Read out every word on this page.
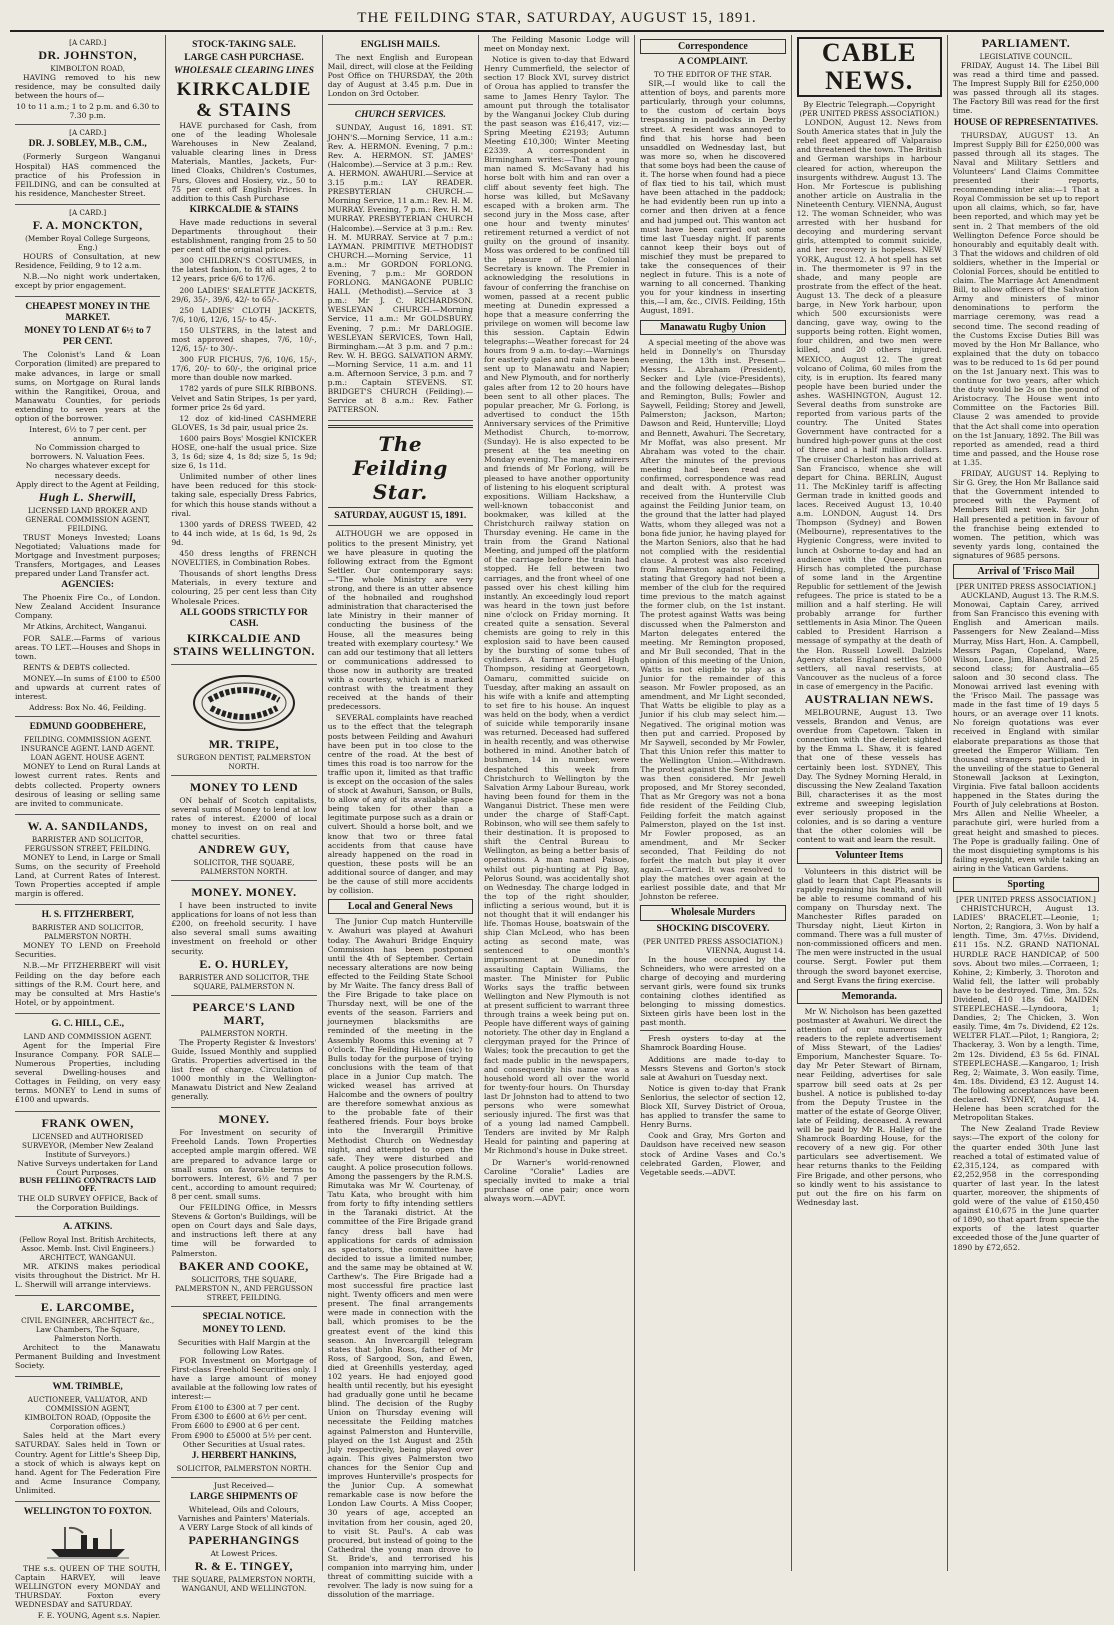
THE FEILDING STAR, SATURDAY, AUGUST 15, 1891.
[A CARD.]
DR. JOHNSTON,
KIMBOLTON ROAD,
HAVING removed to his new residence, may be consulted daily between the hours of—
10 to 11 a.m.; 1 to 2 p.m. and 6.30 to 7.30 p.m.
[A CARD.]
DR. J. SOBLEY, M.B., C.M.,
(Formerly Surgeon Wanganui Hospital) HAS commenced the practice of his Profession in FEILDING, and can be consulted at his residence, Manchester Street.
[A CARD.]
F. A. MONCKTON,
(Member Royal College Surgeons, Eng.)
HOURS of Consultation, at new Residence, Feilding, 9 to 12 a.m.
N.B.—No night work undertaken, except by prior engagement.
CHEAPEST MONEY IN THE MARKET.
MONEY TO LEND AT 6½ to 7 PER CENT.
The Colonist's Land & Loan Corporation (limited) are prepared to make advances, in large or small sums, on Mortgage on Rural lands within the Rangitikei, Oroua, and Manawatu Counties, for periods extending to seven years at the option of the borrower.
Interest, 6½ to 7 per cent. per annum.
No Commission charged to borrowers. N. Valuation Fees.
No charges whatever except for necessary deeds.
Apply direct to the Agent at Feilding,
Hugh L. Sherwill,
LICENSED LAND BROKER AND GENERAL COMMISSION AGENT, FEILDING.
TRUST Moneys Invested; Loans Negotiated; Valuations made for Mortgage and Investment purposes; Transfers, Mortgages, and Leases prepared under Land Transfer act.
AGENCIES:
The Phoenix Fire Co., of London. New Zealand Accident Insurance Company.
Mr Atkins, Architect, Wanganui.
FOR SALE.—Farms of various areas. TO LET.—Houses and Shops in town.
RENTS & DEBTS collected.
MONEY.—In sums of £100 to £500 and upwards at current rates of interest.
Address: Box No. 46, Feilding.
EDMUND GOODBEHERE,
FEILDING. COMMISSION AGENT. INSURANCE AGENT. LAND AGENT. LOAN AGENT. HOUSE AGENT.
MONEY to Lend on Rural Lands at lowest current rates. Rents and debts collected. Property owners desirous of leasing or selling same are invited to communicate.
W. A. SANDILANDS,
BARRISTER AND SOLICITOR, FERGUSSON STREET, FEILDING.
MONEY to Lend, in Large or Small Sums, on the security of Freehold Land, at Current Rates of Interest. Town Properties accepted if ample margin is offered.
H. S. FITZHERBERT,
BARRISTER AND SOLICITOR, PALMERSTON NORTH.
MONEY TO LEND on Freehold Securities.
N.B.—Mr FITZHERBERT will visit Feilding on the day before each sittings of the R.M. Court here, and may be consulted at Mrs Hastie's Hotel, or by appointment.
G. C. HILL, C.E.,
LAND AND COMMISSION AGENT.
Agent for the Imperial Fire Insurance Company. FOR SALE—Numerous Properties, including several Dwelling-houses and Cottages in Feilding, on very easy terms. MONEY to Lend in sums of £100 and upwards.
FRANK OWEN,
LICENSED and AUTHORISED SURVEYOR, (Member New Zealand Institute of Surveyors.)
Native Surveys undertaken for Land Court Purposes.
BUSH FELLING CONTRACTS LAID OFF.
THE OLD SURVEY OFFICE, Back of the Corporation Buildings.
A. ATKINS.
(Fellow Royal Inst. British Architects, Assoc. Memb. Inst. Civil Engineers.) ARCHITECT, WANGANUI.
MR. ATKINS makes periodical visits throughout the District. Mr H. L. Sherwill will arrange interviews.
E. LARCOMBE,
CIVIL ENGINEER, ARCHITECT &c., Law Chambers, The Square, Palmerston North.
Architect to the Manawatu Permanent Building and Investment Society.
WM. TRIMBLE,
AUCTIONEER, VALUATOR, AND COMMISSION AGENT,
KIMBOLTON ROAD, (Opposite the Corporation offices.)
Sales held at the Mart every SATURDAY. Sales held in Town or Country. Agent for Little's Sheep Dip, a stock of which is always kept on hand. Agent for The Federation Fire and Acme Insurance Company, Unlimited.
WELLINGTON TO FOXTON.
THE s.s. QUEEN OF THE SOUTH, Captain HARVEY, will leave WELLINGTON every MONDAY and THURSDAY. Foxton every WEDNESDAY and SATURDAY.
F. E. YOUNG, Agent s.s. Napier.
STOCK-TAKING SALE.
LARGE CASH PURCHASE.
WHOLESALE CLEARING LINES
KIRKCALDIE & STAINS
HAVE purchased for Cash, from one of the leading Wholesale Warehouses in New Zealand, valuable clearing lines in Dress Materials, Mantles, Jackets, Fur-lined Cloaks, Children's Costumes, Furs, Gloves and Hosiery, viz., 50 to 75 per cent off English Prices. In addition to this Cash Purchase
KIRKCALDIE & STAINS
Have made reductions in several Departments throughout their establishment, ranging from 25 to 50 per cent off the original prices.
300 CHILDREN'S COSTUMES, in the latest fashion, to fit all ages, 2 to 12 years, price 6/6 to 17/6.
200 LADIES' SEALETTE JACKETS, 29/6, 35/-, 39/6, 42/- to 65/-.
250 LADIES' CLOTH JACKETS, 7/6, 10/6, 12/6, 15/- to 45/-.
150 ULSTERS, in the latest and most approved shapes, 7/6, 10/-, 12/6, 15/- to 30/-.
300 FUR FICHUS, 7/6, 10/6, 15/-, 17/6, 20/- to 60/-, the original price more than double now marked.
1782 yards of pure SILK RIBBONS. Velvet and Satin Stripes, 1s per yard, former price 2s 6d yard.
12 doz of kid-lined CASHMERE GLOVES, 1s 3d pair, usual price 2s.
1600 pairs Boys' Mosgiel KNICKER HOSE, one-half the usual price. Size 3, 1s 6d; size 4, 1s 8d; size 5, 1s 9d; size 6, 1s 11d.
Unlimited number of other lines have been reduced for this stock-taking sale, especially Dress Fabrics, for which this house stands without a rival.
1300 yards of DRESS TWEED, 42 to 44 inch wide, at 1s 6d, 1s 9d, 2s 9d.
450 dress lengths of FRENCH NOVELTIES, in Combination Robes.
Thousands of short lengths Dress Materials, in every texture and colouring, 25 per cent less than City Wholesale Prices.
ALL GOODS STRICTLY FOR CASH.
KIRKCALDIE AND STAINS WELLINGTON.
MR. TRIPE,
SURGEON DENTIST, PALMERSTON NORTH.
MONEY TO LEND
ON behalf of Scotch capitalists, several sums of Money to lend at low rates of interest. £2000 of local money to invest on on real and chattel securities.
ANDREW GUY,
SOLICITOR, THE SQUARE, PALMERSTON NORTH.
MONEY. MONEY.
I have been instructed to invite applications for loans of not less than £200, on freehold security. I have also several small sums awaiting investment on freehold or other security.
E. O. HURLEY,
BARRISTER AND SOLICITOR, THE SQUARE, PALMERSTON N.
PEARCE'S LAND MART,
PALMERSTON NORTH.
The Property Register & Investors' Guide, Issued Monthly and supplied Gratis. Properties advertised in the list free of charge. Circulation of 1000 monthly in the Wellington-Manawatu District and New Zealand generally.
MONEY.
For Investment on security of Freehold Lands. Town Properties accepted ample margin offered. WE are prepared to advance large or small sums on favorable terms to borrowers. Interest, 6½ and 7 per cent., according to amount required; 8 per cent. small sums.
Our FEILDING Office, in Messrs Stevens & Gorton's Buildings, will be open on Court days and Sale days, and instructions left there at any time will be forwarded to Palmerston.
BAKER AND COOKE,
SOLICITORS, THE SQUARE, PALMERSTON N., AND FERGUSSON STREET, FEILDING.
SPECIAL NOTICE.
MONEY TO LEND.
Securities with Half Margin at the following Low Rates.
FOR Investment on Mortgage of First-class Freehold Securities only. I have a large amount of money available at the following low rates of interest:—
From £100 to £300 at 7 per cent.
From £300 to £600 at 6½ per cent.
From £600 to £900 at 6 per cent.
From £900 to £5000 at 5½ per cent.
Other Securities at Usual rates.
J. HERBERT HANKINS,
SOLICITOR, PALMERSTON NORTH.
Just Received—
LARGE SHIPMENTS OF
Whitelead, Oils and Colours, Varnishes and Painters' Materials.
A VERY Large Stock of all kinds of
PAPERHANGINGS
At Lowest Prices.
R. & E. TINGEY,
THE SQUARE, PALMERSTON NORTH, WANGANUI, AND WELLINGTON.
ENGLISH MAILS.
The next English and European Mail, direct, will close at the Feilding Post Office on THURSDAY, the 20th day of August at 3.45 p.m. Due in London on 3rd October.
CHURCH SERVICES.
SUNDAY, August 16, 1891. ST. JOHN'S.—Morning Service, 11 a.m.: Rev. A. HERMON. Evening, 7 p.m.: Rev. A. HERMON. ST. JAMES' (Halcombe).—Service at 3 p.m.: Rev. A. HERMON. AWAHURI.—Service at 3.15 p.m.: LAY READER. PRESBYTERIAN CHURCH.—Morning Service, 11 a.m.: Rev. H. M. MURRAY. Evening, 7 p.m.: Rev. H. M. MURRAY. PRESBYTERIAN CHURCH (Halcombe).—Service at 3 p.m.: Rev. H. M. MURRAY. Service at 7 p.m.: LAYMAN. PRIMITIVE METHODIST CHURCH.—Morning Service, 11 a.m.: Mr GORDON FORLONG. Evening, 7 p.m.: Mr GORDON FORLONG. MANGAONE PUBLIC HALL (Methodist).—Service at 3 p.m.: Mr J. C. RICHARDSON. WESLEYAN CHURCH.—Morning Service, 11 a.m.: Mr GOLDSBURY. Evening, 7 p.m.: Mr DARLOGIE. WESLEYAN SERVICES, Town Hall, Birmingham.—At 3 p.m. and 7 p.m.: Rev. W. H. BEGG. SALVATION ARMY.—Morning Service, 11 a.m. and 11 a.m. Afternoon Service, 3 p.m. and 7 p.m.: Captain STEVENS. ST. BRIDGET'S CHURCH (Feilding).—Service at 8 a.m.: Rev. Father PATTERSON.
The Feilding Star.
SATURDAY, AUGUST 15, 1891.
ALTHOUGH we are opposed in politics to the present Ministry, yet we have pleasure in quoting the following extract from the Egmont Settler. Our contemporary says:—"The whole Ministry are very strong, and there is an utter absence of the hobnailed and roughshod administration that characterised the late Ministry in their manner of conducting the business of the House, all the measures being treated with exemplary courtesy." We can add our testimony that all letters or communications addressed to those now in authority are treated with a courtesy, which is a marked contrast with the treatment they received at the hands of their predecessors.
SEVERAL complaints have reached us to the effect that the telegraph posts between Feilding and Awahuri have been put in too close to the centre of the road. At the best of times this road is too narrow for the traffic upon it, limited as that traffic is except on the occasion of the sales of stock at Awahuri, Sanson, or Bulls, to allow of any of its available space being taken for other than a legitimate purpose such as a drain or culvert. Should a horse bolt, and we know that two or three fatal accidents from that cause have already happened on the road in question, these posts will be an additional source of danger, and may be the cause of still more accidents by collision.
Local and General News
The Junior Cup match Hunterville v. Awahuri was played at Awahuri today. The Awahuri Bridge Enquiry Commission has been postponed until the 4th of September. Certain necessary alterations are now being effected to the Feilding State School by Mr Waite. The fancy dress Ball of the Fire Brigade to take place on Thursday next, will be one of the events of the season. Farriers and journeymen blacksmiths are reminded of the meeting in the Assembly Rooms this evening at 7 o'clock. The Feilding Hi.lmen (sic) to Bulls today for the purpose of trying conclusions with the team of that place in a Junior Cup match. The wicked weasel has arrived at Halcombe and the owners of poultry are therefore somewhat anxious as to the probable fate of their feathered friends. Four boys broke into the Inverargill Primitive Methodist Church on Wednesday night, and attempted to open the safe. They were disturbed and caught. A police prosecution follows. Among the passengers by the R.M.S. Rimutaka was Mr W. Courtenay, of Tatu Kata, who brought with him from forty to fifty intending settlers in the Taranaki district. At the committee of the Fire Brigade grand fancy dress ball have had applications for cards of admission as spectators, the committee have decided to issue a limited number, and the same may be obtained at W. Carthew's. The Fire Brigade had a most successful fire practice last night. Twenty officers and men were present. The final arrangements were made in connection with the ball, which promises to be the greatest event of the kind this season. An Invercargill telegram states that John Ross, father of Mr Ross, of Sargood, Son, and Ewen, died at Greenhills yesterday, aged 102 years. He had enjoyed good health until recently, but his eyesight had gradually gone until he became blind. The decision of the Rugby Union on Thursday evening will necessitate the Feilding matches against Palmerston and Hunterville, played on the 1st August and 25th July respectively, being played over again. This gives Palmerston two chances for the Senior Cup and improves Hunterville's prospects for the Junior Cup. A somewhat remarkable case is now before the London Law Courts. A Miss Cooper, 30 years of age, accepted an invitation from her cousin, aged 20, to visit St. Paul's. A cab was procured, but instead of going to the Cathedral the young man drove to St. Bride's, and terrorised his companion into marrying him, under threat of committing suicide with a revolver. The lady is now suing for a dissolution of the marriage.
The Feilding Masonic Lodge will meet on Monday next.
Notice is given to-day that Edward Henry Cummerfield, the selector of section 17 Block XVI, survey district of Oroua has applied to transfer the same to James Henry Taylor. The amount put through the totalisator by the Wanganui Jockey Club during the past season was £16,417, viz:—Spring Meeting £2193; Autumn Meeting £10,300; Winter Meeting £2339. A correspondent in Birmingham writes:—That a young man named S. McSavany had his horse bolt with him and ran over a cliff about seventy feet high. The horse was killed, but McSavany escaped with a broken arm. The second jury in the Moss case, after one hour and twenty minutes' retirement returned a verdict of not guilty on the ground of insanity. Moss was ordered to be confined till the pleasure of the Colonial Secretary is known. The Premier in acknowledging the resolutions in favour of conferring the franchise on women, passed at a recent public meeting at Dunedin expressed a hope that a measure conferring the privilege on women will become law this session. Captain Edwin telegraphs:—Weather forecast for 24 hours from 9 a.m. to-day:—Warnings for easterly gales and rain have been sent up to Manawatu and Napier; and New Plymouth, and for northerly gales after from 12 to 20 hours have been sent to all other places. The popular preacher, Mr G. Forlong, is advertised to conduct the 15th Anniversary services of the Primitive Methodist Church, to-morrow, (Sunday). He is also expected to be present at the tea meeting on Monday evening. The many admirers and friends of Mr Forlong, will be pleased to have another opportunity of listening to his eloquent scriptural expositions. William Hackshaw, a well-known tobacconist and bookmaker, was killed at the Christchurch railway station on Thursday evening. He came in the train from the Grand National Meeting, and jumped off the platform of the carriage before the train had stopped. He fell between two carriages, and the front wheel of one passed over his chest killing him instantly. An exceedingly loud report was heard in the town just before nine o'clock on Friday morning. It created quite a sensation. Several chemists are going to rely in this explosion said to have been caused by the bursting of some tubes of cylinders. A farmer named Hugh Thompson, residing at Georgetown, Oamaru, committed suicide on Tuesday, after making an assault on his wife with a knife and attempting to set fire to his house. An inquest was held on the body, when a verdict of suicide while temporarily insane was returned. Deceased had suffered in health recently, and was otherwise bothered in mind. Another batch of bushmen, 14 in number, were despatched this week from Christchurch to Wellington by the Salvation Army Labour Bureau, work having been found for them in the Wanganui District. These men were under the charge of Staff-Capt. Robinson, who will see them safely to their destination. It is proposed to shift the Central Bureau to Wellington, as being a better basis of operations. A man named Paisoe, whilst out pig-hunting at Pig Bay, Pelorus Sound, was accidentally shot on Wednesday. The charge lodged in the top of the right shoulder, inflicting a serious wound, but it is not thought that it will endanger his life. Thomas House, boatswain of the ship Clan McLeod, who has been acting as second mate, was sentenced to one month's imprisonment at Dunedin for assaulting Captain Williams, the master. The Minister for Public Works says the traffic between Wellington and New Plymouth is not at present sufficient to warrant three through trains a week being put on. People have different ways of gaining notoriety. The other day in England a clergyman prayed for the Prince of Wales; took the precaution to get the fact made public in the newspapers, and consequently his name was a household word all over the world for twenty-four hours. On Thursday last Dr Johnston had to attend to two persons who were somewhat seriously injured. The first was that of a young lad named Campbell. Tenders are invited by Mr Ralph Heald for painting and papering at Mr Richmond's house in Duke street.
Dr Warner's world-renowned Caroline "Coralie" Ladies are specially invited to make a trial purchase of one pair; once worn always worn.—ADVT.
Correspondence
A COMPLAINT.
TO THE EDITOR OF THE STAR.
SIR,—I would like to call the attention of boys, and parents more particularly, through your columns, to the custom of certain boys trespassing in paddocks in Derby street. A resident was annoyed to find that his horse had been unsaddled on Wednesday last, but was more so, when he discovered that some boys had been the cause of it. The horse when found had a piece of flax tied to his tail, which must have been attached in the paddock; he had evidently been run up into a corner and then driven at a fence and had jumped out. This wanton act must have been carried out some time last Tuesday night. If parents cannot keep their boys out of mischief they must be prepared to take the consequences of their neglect in future. This is a note of warning to all concerned. Thanking you for your kindness in inserting this,—I am, &c., CIVIS. Feilding, 15th August, 1891.
Manawatu Rugby Union
A special meeting of the above was held in Donnelly's on Thursday evening, the 13th inst. Present—Messrs L. Abraham (President), Secker and Lyle (vice-Presidents), and the following delegates—Bishop and Remington, Bulls; Fowler and Saywell, Feilding; Storey and Jewell, Palmerston; Jackson, Marton; Dawson and Reid, Hunterville; Lloyd and Bennett, Awahuri. The Secretary, Mr Moffat, was also present. Mr Abraham was voted to the chair. After the minutes of the previous meeting had been read and confirmed, correspondence was read and dealt with. A protest was received from the Hunterville Club against the Feilding Junior team, on the ground that the latter had played Watts, whom they alleged was not a bona fide junior, he having played for the Marton Seniors, also that he had not complied with the residential clause. A protest was also received from Palmerston against Feilding, stating that Gregory had not been a member of the club for the required time previous to the match against the former club, on the 1st instant. The protest against Watts was being discussed when the Palmerston and Marton delegates entered the meeting. Mr Remington proposed, and Mr Bull seconded, That in the opinion of this meeting of the Union, Watts is not eligible to play as a Junior for the remainder of this season. Mr Fowler proposed, as an amendment, and Mr Light seconded, That Watts be eligible to play as a Junior if his club may select him.—Negatived. The original motion was then put and carried. Proposed by Mr Saywell, seconded by Mr Fowler, That this Union refer this matter to the Wellington Union.—Withdrawn. The protest against the Senior match was then considered. Mr Jewell proposed, and Mr Storey seconded, That as Mr Gregory was not a bona fide resident of the Feilding Club, Feilding forfeit the match against Palmerston, played on the 1st inst. Mr Fowler proposed, as an amendment, and Mr Secker seconded, That Feilding do not forfeit the match but play it over again.—Carried. It was resolved to play the matches over again at the earliest possible date, and that Mr Johnston be referee.
Wholesale Murders
SHOCKING DISCOVERY.
(PER UNITED PRESS ASSOCIATION.)
VIENNA, August 14.
In the house occupied by the Schneiders, who were arrested on a charge of decoying and murdering servant girls, were found six trunks containing clothes identified as belonging to missing domestics. Sixteen girls have been lost in the past month.
Fresh oysters to-day at the Shamrock Boarding House.
Additions are made to-day to Messrs Stevens and Gorton's stock sale at Awahuri on Tuesday next.
Notice is given to-day that Frank Senlorius, the selector of section 12, Block XII, Survey District of Oroua, has applied to transfer the same to Henry Burns.
Cook and Gray, Mrs Gorton and Dauldson have received new season stock of Ardine Vases and Co.'s celebrated Garden, Flower, and Vegetable seeds.—ADVT.
CABLE NEWS.
By Electric Telegraph.—Copyright
(PER UNITED PRESS ASSOCIATION.)
LONDON, August 12. News from South America states that in July the rebel fleet appeared off Valparaiso and threatened the town. The British and German warships in harbour cleared for action, whereupon the insurgents withdrew. August 13. The Hon. Mr Fortescue is publishing another article on Australia in the Nineteenth Century. VIENNA, August 12. The woman Schneider, who was arrested with her husband for decoying and murdering servant girls, attempted to commit suicide, and her recovery is hopeless. NEW YORK, August 12. A hot spell has set in. The thermometer is 97 in the shade, and many people are prostrate from the effect of the heat. August 13. The deck of a pleasure barge, in New York harbour, upon which 500 excursionists were dancing, gave way, owing to the supports being rotten. Eight women, four children, and two men were killed, and 20 others injured. MEXICO, August 12. The great volcano of Colima, 60 miles from the city, is in eruption. Its feared many people have been buried under the ashes. WASHINGTON, August 12. Several deaths from sunstroke are reported from various parts of the country. The United States Government have contracted for a hundred high-power guns at the cost of three and a half million dollars. The cruiser Charleston has arrived at San Francisco, whence she will depart for China. BERLIN, August 11. The McKinley tariff is affecting German trade in knitted goods and laces. Received August 13, 10.40 a.m. LONDON, August 14. Drs Thompson (Sydney) and Bowen (Melbourne), representatives to the Hygienic Congress, were invited to lunch at Osborne to-day and had an audience with the Queen. Baron Hirsch has completed the purchase of some land in the Argentine Republic for settlement of the Jewish refugees. The price is stated to be a million and a half sterling. He will probably arrange for further settlements in Asia Minor. The Queen cabled to President Harrison a message of sympathy at the death of the Hon. Russell Lowell. Dalziels Agency states England settles 5000 settlers, all naval reservists, at Vancouver as the nucleus of a force in case of emergency in the Pacific.
AUSTRALIAN NEWS.
MELBOURNE, August 13. Two vessels, Brandon and Venus, are overdue from Capetown. Taken in connection with the derelict sighted by the Emma L. Shaw, it is feared that one of these vessels has certainly been lost. SYDNEY, This Day. The Sydney Morning Herald, in discussing the New Zealand Taxation Bill, characterises it as the most extreme and sweeping legislation ever seriously proposed in the colonies, and is so daring a venture that the other colonies will be content to wait and learn the result.
Volunteer Items
Volunteers in this district will be glad to learn that Capt Pleasants is rapidly regaining his health, and will be able to resume command of his company on Thursday next. The Manchester Rifles paraded on Thursday night, Lieut Kirton in command. There was a full muster of non-commissioned officers and men. The men were instructed in the usual course. Sergt. Fowler put them through the sword bayonet exercise, and Sergt Evans the firing exercise.
Memoranda.
Mr W. Nicholson has been gazetted postmaster at Awahuri. We direct the attention of our numerous lady readers to the replete advertisement of Miss Stewart, of the Ladies' Emporium, Manchester Square. To-day Mr Peter Stewart of Birnam, near Feilding, advertises for sale sparrow bill seed oats at 2s per bushel. A notice is published to-day from the Deputy Trustee in the matter of the estate of George Oliver, late of Feilding, deceased. A reward will be paid by Mr R. Halley of the Shamrock Boarding House, for the recovery of a new gig. For other particulars see advertisement. We hear returns thanks to the Feilding Fire Brigade, and other persons, who so kindly went to his assistance to put out the fire on his farm on Wednesday last.
PARLIAMENT.
LEGISLATIVE COUNCIL.
FRIDAY, August 14. The Libel Bill was read a third time and passed. The Imprest Supply Bill for £250,000 was passed through all its stages. The Factory Bill was read for the first time.
HOUSE OF REPRESENTATIVES.
THURSDAY, AUGUST 13. An Imprest Supply Bill for £250,000 was passed through all its stages. The Naval and Military Settlers and Volunteers' Land Claims Committee presented their reports, recommending inter alia:—1 That a Royal Commission be set up to report upon all claims, which, so far, have been reported, and which may yet be sent in. 2 That members of the old Wellington Defence Force should be honourably and equitably dealt with. 3 That the widows and children of old soldiers, whether in the Imperial or Colonial Forces, should be entitled to claim. The Marriage Act Amendment Bill, to allow officers of the Salvation Army and ministers of minor denominations to perform the marriage ceremony, was read a second time. The second reading of the Customs Excise Duties Bill was moved by the Hon Mr Ballance, who explained that the duty on tobacco was to be reduced to 1s 6d per pound on the 1st January next. This was to continue for two years, after which the duty would be 2s on the pound of Aristocracy. The House went into Committee on the Factories Bill. Clause 2 was amended to provide that the Act shall come into operation on the 1st January, 1892. The Bill was reported as amended, read a third time and passed, and the House rose at 1.35.
FRIDAY, AUGUST 14. Replying to Sir G. Grey, the Hon Mr Ballance said that the Government intended to proceed with the Payment of Members Bill next week. Sir John Hall presented a petition in favour of the franchise being extended to women. The petition, which was seventy yards long, contained the signatures of 9685 persons.
Arrival of 'Frisco Mail
[PER UNITED PRESS ASSOCIATION.]
AUCKLAND, August 13. The R.M.S. Monowai, Captain Carey, arrived from San Francisco this evening with English and American mails. Passengers for New Zealand—Miss Murray, Miss Hart, Hon. A. Campbell, Messrs Pagan, Copeland, Ware, Wilson, Luce, Jim, Blanchard, and 25 second class; for Australia—65 saloon and 30 second class. The Monowai arrived last evening with the 'Frisco Mail. The passage was made in the fast time of 19 days 5 hours, or an average over 11 knots. No foreign quotations was ever received in England with similar elaborate preparations as those that greeted the Emperor William. Ten thousand strangers participated in the unveiling of the statue to General Stonewall Jackson at Lexington, Virginia. Five fatal balloon accidents happened in the States during the Fourth of July celebrations at Boston. Mrs Allen and Nellie Wheeler, a parachute girl, were hurled from a great height and smashed to pieces. The Pope is gradually failing. One of the most disquieting symptoms is his failing eyesight, even while taking an airing in the Vatican Gardens.
Sporting
[PER UNITED PRESS ASSOCIATION.]
CHRISTCHURCH, August 13. LADIES' BRACELET.—Leonie, 1; Norton, 2; Rangiora, 3. Won by half a length. Time, 3m. 47½s. Dividend, £11 15s. N.Z. GRAND NATIONAL HURDLE RACE HANDICAP, of 500 sovs. About two miles.—Corraeen, 1; Kohine, 2; Kimberly, 3. Thoroton and Walid fell, the latter will probably have to be destroyed. Time, 3m. 52s. Dividend, £10 18s 6d. MAIDEN STEEPLECHASE.—Lyndoora, 1; Dandies, 2; The Chicken, 3. Won easily. Time, 4m 7s. Dividend, £2 12s. WELTER FLAT.—Pilot, 1; Rangiora, 2; Thackeray, 3. Won by a length. Time, 2m 12s. Dividend, £3 5s 6d. FINAL STEEPLECHASE.—Kangaroo, 1; Irish Reg, 2; Waimate, 3. Won easily. Time, 4m. 18s. Dividend, £3 12. August 14. The following acceptances have been declared. SYDNEY, August 14. Helene has been scratched for the Metropolitan Stakes.
The New Zealand Trade Review says:—The export of the colony for the quarter ended 30th June last reached a total of estimated value of £2,315,124, as compared with £2,252,958 in the corresponding quarter of last year. In the latest quarter, moreover, the shipments of gold were of the value of £150,450 against £10,675 in the June quarter of 1890, so that apart from specie the exports of the latest quarter exceeded those of the June quarter of 1890 by £72,652.
